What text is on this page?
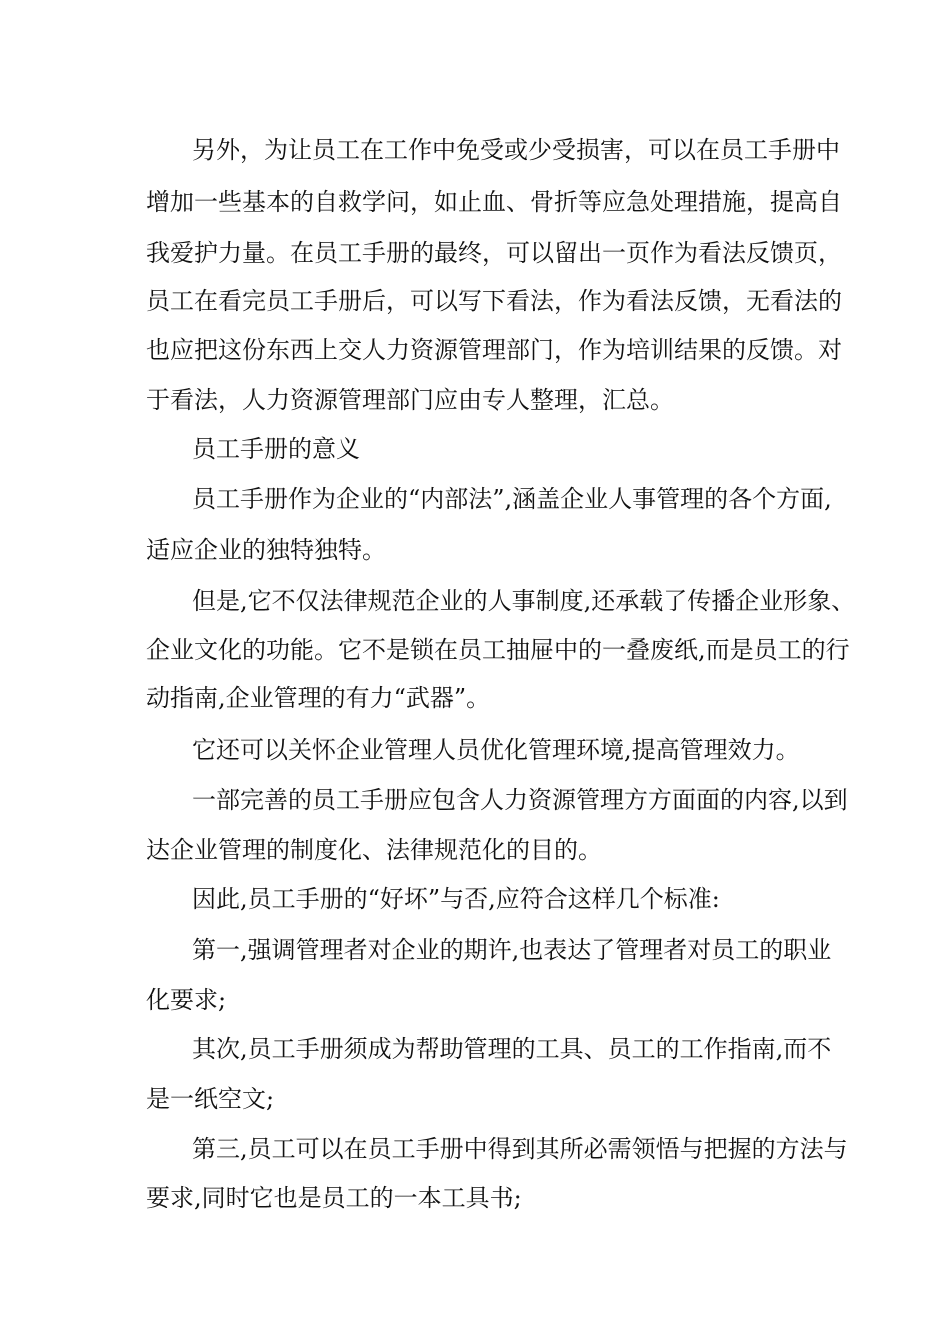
另外，为让员工在工作中免受或少受损害，可以在员工手册中

增加一些基本的自救学问，如止血、骨折等应急处理措施，提高自

我爱护力量。在员工手册的最终，可以留出一页作为看法反馈页，

员工在看完员工手册后，可以写下看法，作为看法反馈，无看法的

也应把这份东西上交人力资源管理部门，作为培训结果的反馈。对

于看法，人力资源管理部门应由专人整理，汇总。

员工手册的意义

员工手册作为企业的“内部法”,涵盖企业人事管理的各个方面,

适应企业的独特独特。

但是,它不仅法律规范企业的人事制度,还承载了传播企业形象、

企业文化的功能。它不是锁在员工抽屉中的一叠废纸,而是员工的行

动指南,企业管理的有力“武器”。

它还可以关怀企业管理人员优化管理环境,提高管理效力。

一部完善的员工手册应包含人力资源管理方方面面的内容,以到

达企业管理的制度化、法律规范化的目的。

因此,员工手册的“好坏”与否,应符合这样几个标准:

第一,强调管理者对企业的期许,也表达了管理者对员工的职业

化要求;

其次,员工手册须成为帮助管理的工具、员工的工作指南,而不

是一纸空文;

第三,员工可以在员工手册中得到其所必需领悟与把握的方法与

要求,同时它也是员工的一本工具书;
